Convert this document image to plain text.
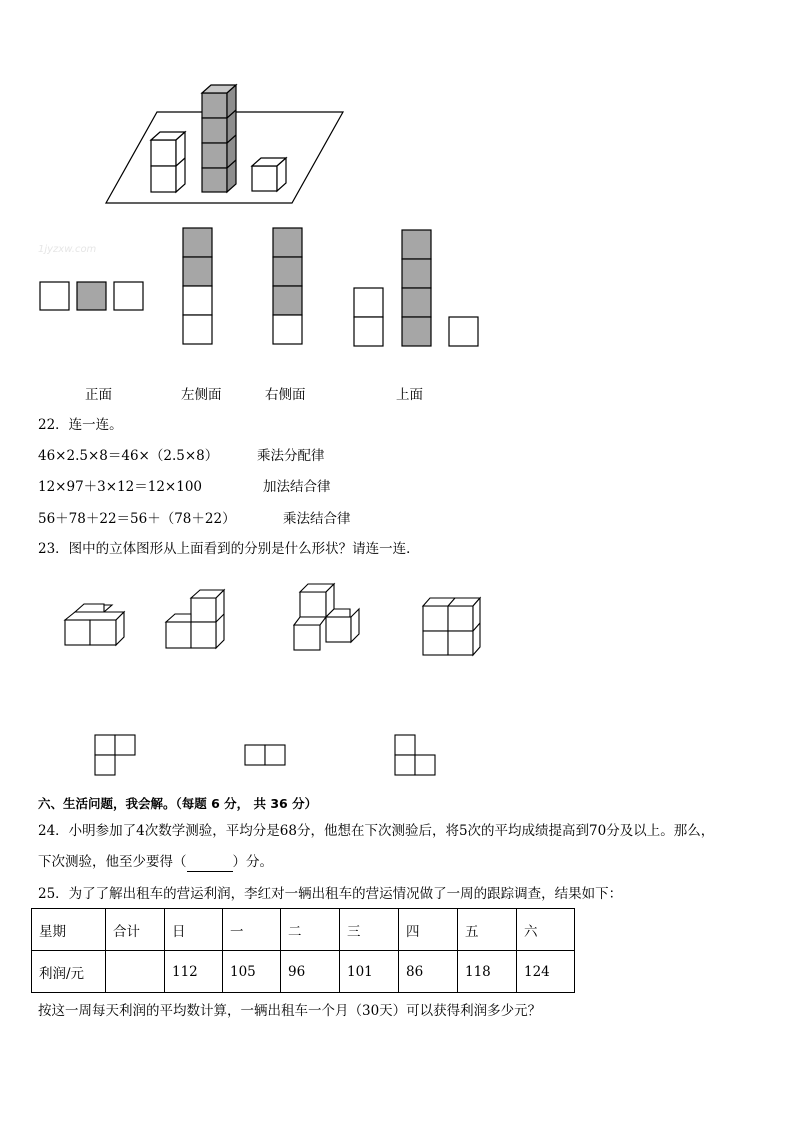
1jyzxw.com
正面	左侧面	右侧面	上面
22．连一连。
46×2.5×8＝46×（2.5×8）
12×97＋3×12＝12×100
56＋78＋22＝56＋（78＋22）
乘法分配律
加法结合律
乘法结合律
23．图中的立体图形从上面看到的分别是什么形状？请连一连．
六、生活问题，我会解。（每题 6 分， 共 36 分）
24．小明参加了4次数学测验，平均分是68分，他想在下次测验后，将5次的平均成绩提高到70分及以上。那么，
下次测验，他至少要得（	）分。
25．为了了解出租车的营运利润，李红对一辆出租车的营运情况做了一周的跟踪调查，结果如下：
星期	合计	日	一	二	三	四	五	六
利润/元		112	105	96	101	86	118	124
按这一周每天利润的平均数计算，一辆出租车一个月（30天）可以获得利润多少元？
